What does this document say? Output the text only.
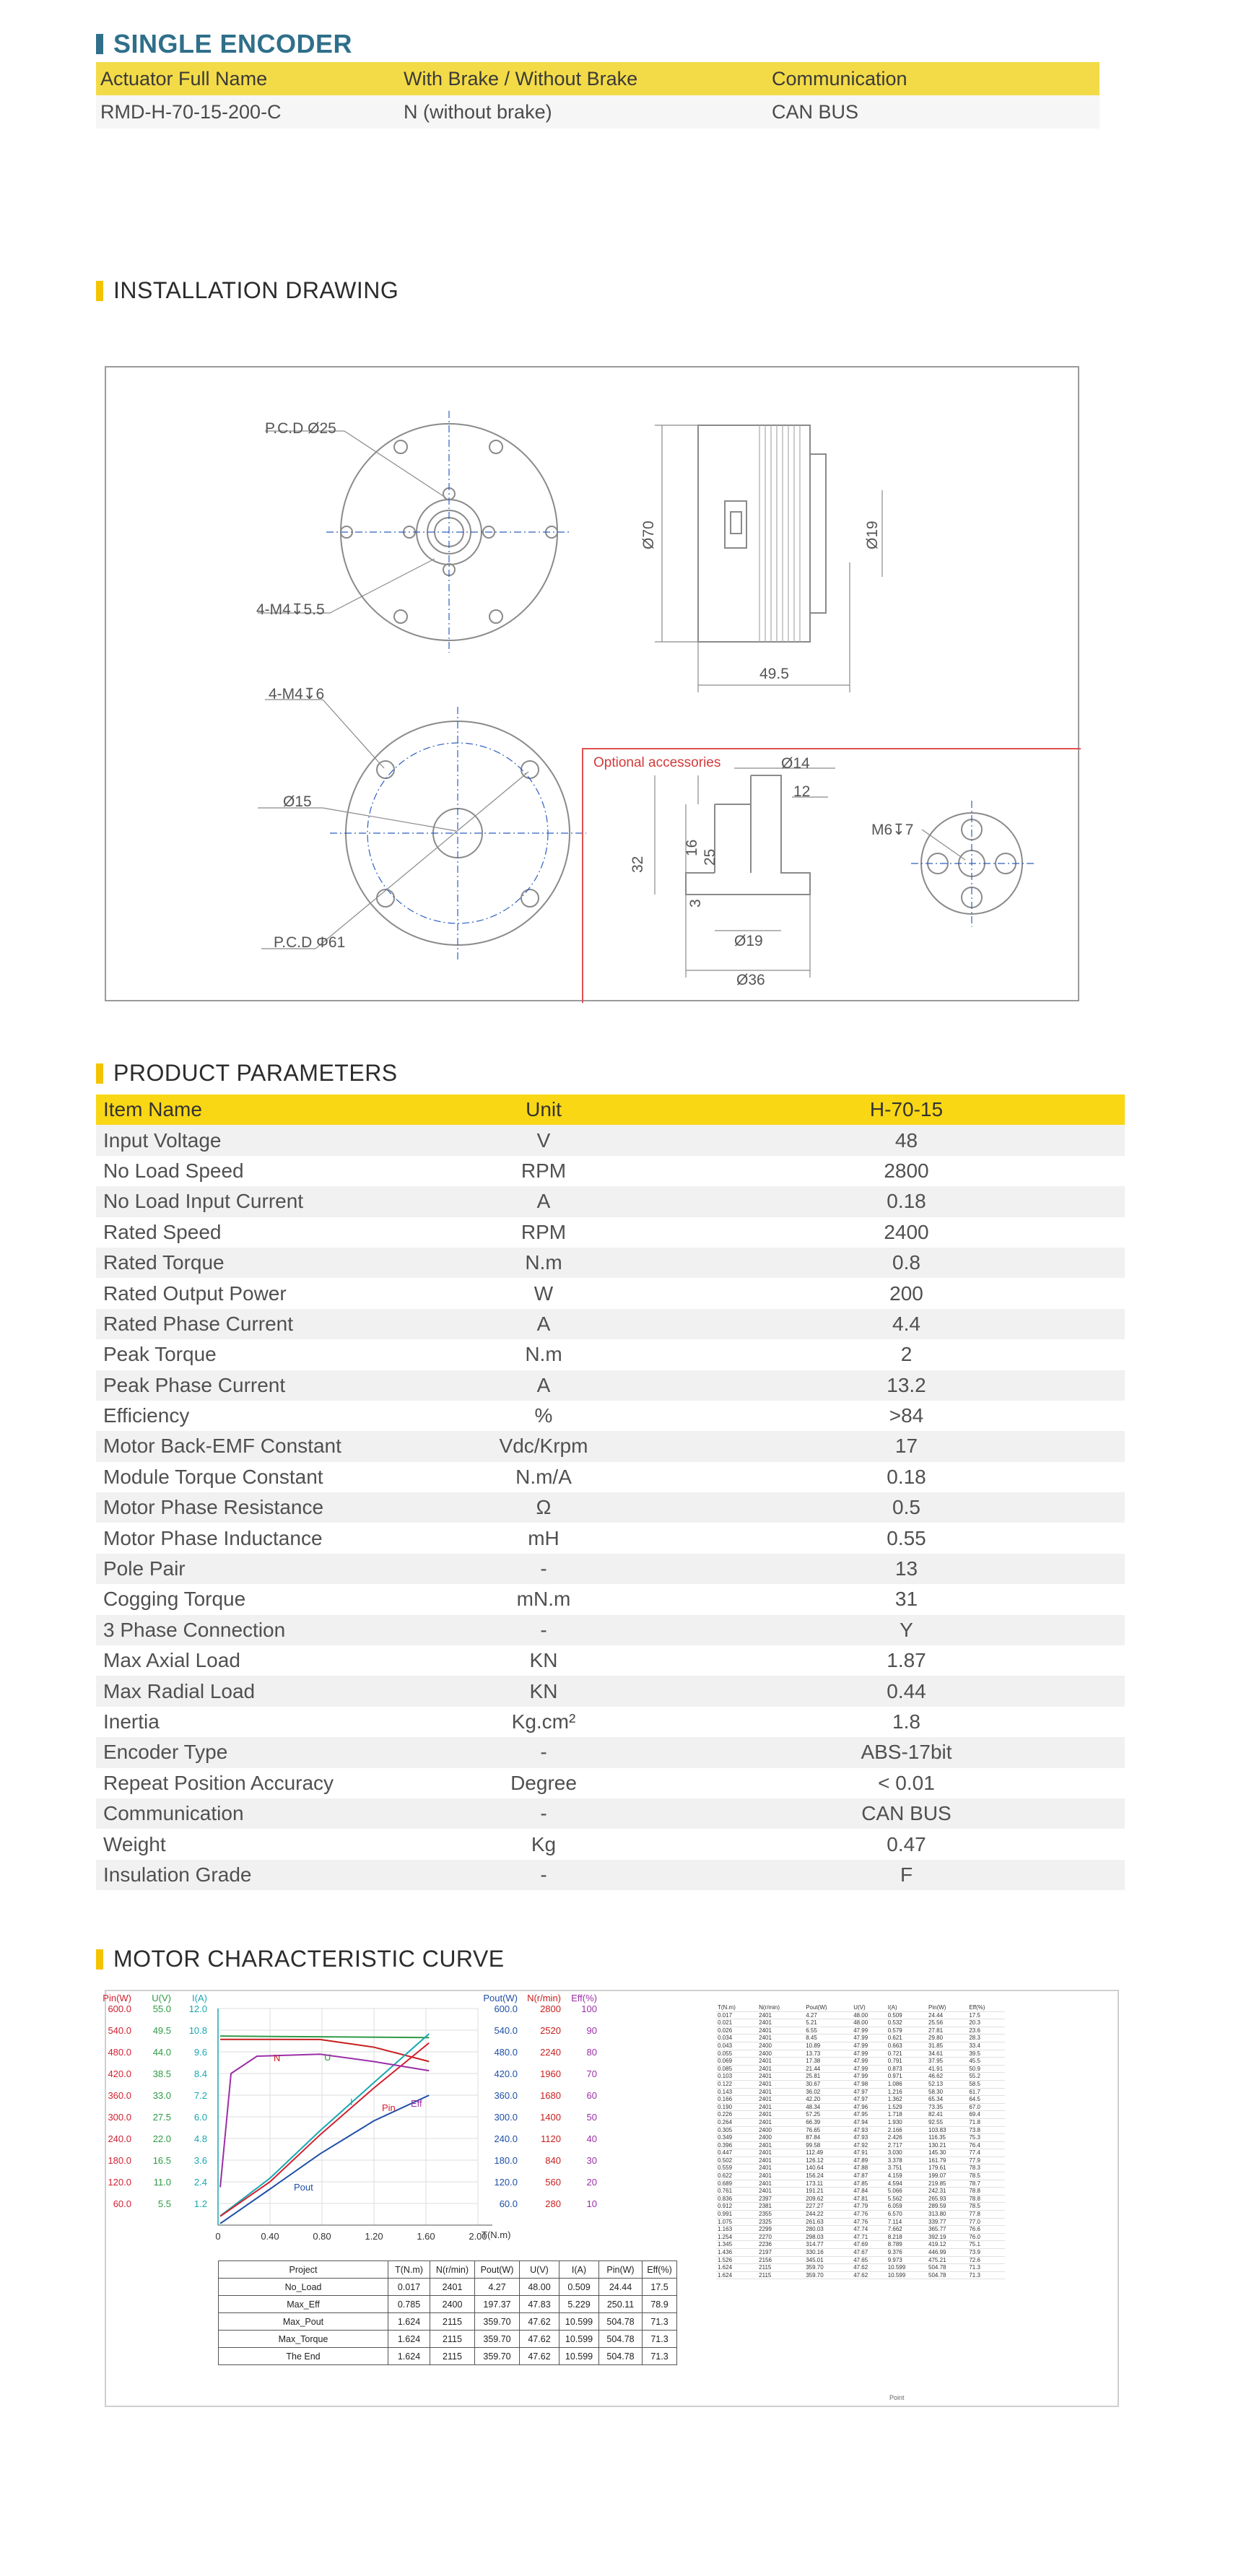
SINGLE ENCODER
Actuator Full Name	With Brake / Without Brake	Communication
RMD-H-70-15-200-C	N (without brake)	CAN BUS
INSTALLATION DRAWING
P.C.D Ø25
4-M4↧5.5
Ø70	Ø19
49.5
4-M4↧6
Ø15
P.C.D Φ61
Optional accessories	Ø14
12
16
25
32
3
Ø19
Ø36
M6↧7
PRODUCT PARAMETERS
Item Name	Unit	H-70-15
Input Voltage	V	48
No Load Speed	RPM	2800
No Load Input Current	A	0.18
Rated Speed	RPM	2400
Rated Torque	N.m	0.8
Rated Output Power	W	200
Rated Phase Current	A	4.4
Peak Torque	N.m	2
Peak Phase Current	A	13.2
Efficiency	%	>84
Motor Back-EMF Constant	Vdc/Krpm	17
Module Torque Constant	N.m/A	0.18
Motor Phase Resistance	Ω	0.5
Motor Phase Inductance	mH	0.55
Pole Pair	-	13
Cogging Torque	mN.m	31
3 Phase Connection	-	Y
Max Axial Load	KN	1.87
Max Radial Load	KN	0.44
Inertia	Kg.cm²	1.8
Encoder Type	-	ABS-17bit
Repeat Position Accuracy	Degree	< 0.01
Communication	-	CAN BUS
Weight	Kg	0.47
Insulation Grade	-	F
MOTOR CHARACTERISTIC CURVE
0	0.40	0.80	1.20	1.60	2.00
T(N.m)
Pin(W)
600.0
540.0
480.0
420.0
360.0
300.0
240.0
180.0
120.0
60.0
U(V)
55.0
49.5
44.0
38.5
33.0
27.5
22.0
16.5
11.0
5.5
I(A)
12.0
10.8
9.6
8.4
7.2
6.0
4.8
3.6
2.4
1.2
Pout(W)
600.0
540.0
480.0
420.0
360.0
300.0
240.0
180.0
120.0
60.0
N(r/min)
2800
2520
2240
1960
1680
1400
1120
840
560
280
Eff(%)
100
90
80
70
60
50
40
30
20
10
N	U
I
Pin Eff
Pout
Project	T(N.m)	N(r/min)	Pout(W)	U(V)	I(A)	Pin(W)	Eff(%)
No_Load	0.017	2401	4.27	48.00	0.509	24.44	17.5
Max_Eff	0.785	2400	197.37	47.83	5.229	250.11	78.9
Max_Pout	1.624	2115	359.70	47.62	10.599	504.78	71.3
Max_Torque	1.624	2115	359.70	47.62	10.599	504.78	71.3
The End	1.624	2115	359.70	47.62	10.599	504.78	71.3
T(N.m)	N(r/min)	Pout(W)	U(V)	I(A)	Pin(W)	Eff(%)
0.017	2401	4.27	48.00	0.509	24.44	17.5
0.021	2401	5.21	48.00	0.532	25.56	20.3
0.026	2401	6.55	47.99	0.579	27.81	23.6
0.034	2401	8.45	47.99	0.621	29.80	28.3
0.043	2400	10.89	47.99	0.663	31.85	33.4
0.055	2400	13.73	47.99	0.721	34.61	39.5
0.069	2401	17.38	47.99	0.791	37.95	45.5
0.085	2401	21.44	47.99	0.873	41.91	50.9
0.103	2401	25.81	47.99	0.971	46.62	55.2
0.122	2401	30.67	47.98	1.086	52.13	58.5
0.143	2401	36.02	47.97	1.216	58.30	61.7
0.166	2401	42.20	47.97	1.362	65.34	64.5
0.190	2401	48.34	47.96	1.529	73.35	67.0
0.226	2401	57.25	47.95	1.718	82.41	69.4
0.264	2401	66.39	47.94	1.930	92.55	71.8
0.305	2400	76.65	47.93	2.166	103.83	73.8
0.349	2400	87.84	47.93	2.426	116.35	75.3
0.396	2401	99.58	47.92	2.717	130.21	76.4
0.447	2401	112.49	47.91	3.030	145.30	77.4
0.502	2401	126.12	47.89	3.378	161.79	77.9
0.559	2401	140.64	47.88	3.751	179.61	78.3
0.622	2401	156.24	47.87	4.159	199.07	78.5
0.689	2401	173.11	47.85	4.594	219.85	78.7
0.761	2401	191.21	47.84	5.066	242.31	78.8
0.836	2397	209.62	47.81	5.562	265.93	78.8
0.912	2381	227.27	47.79	6.059	289.59	78.5
0.991	2355	244.22	47.76	6.570	313.80	77.8
1.075	2325	261.63	47.76	7.114	339.77	77.0
1.163	2299	280.03	47.74	7.662	365.77	76.6
1.254	2270	298.03	47.71	8.218	392.19	76.0
1.345	2236	314.77	47.69	8.789	419.12	75.1
1.436	2197	330.16	47.67	9.376	446.99	73.9
1.526	2156	345.01	47.65	9.973	475.21	72.6
1.624	2115	359.70	47.62	10.599	504.78	71.3
1.624	2115	359.70	47.62	10.599	504.78	71.3
Point
